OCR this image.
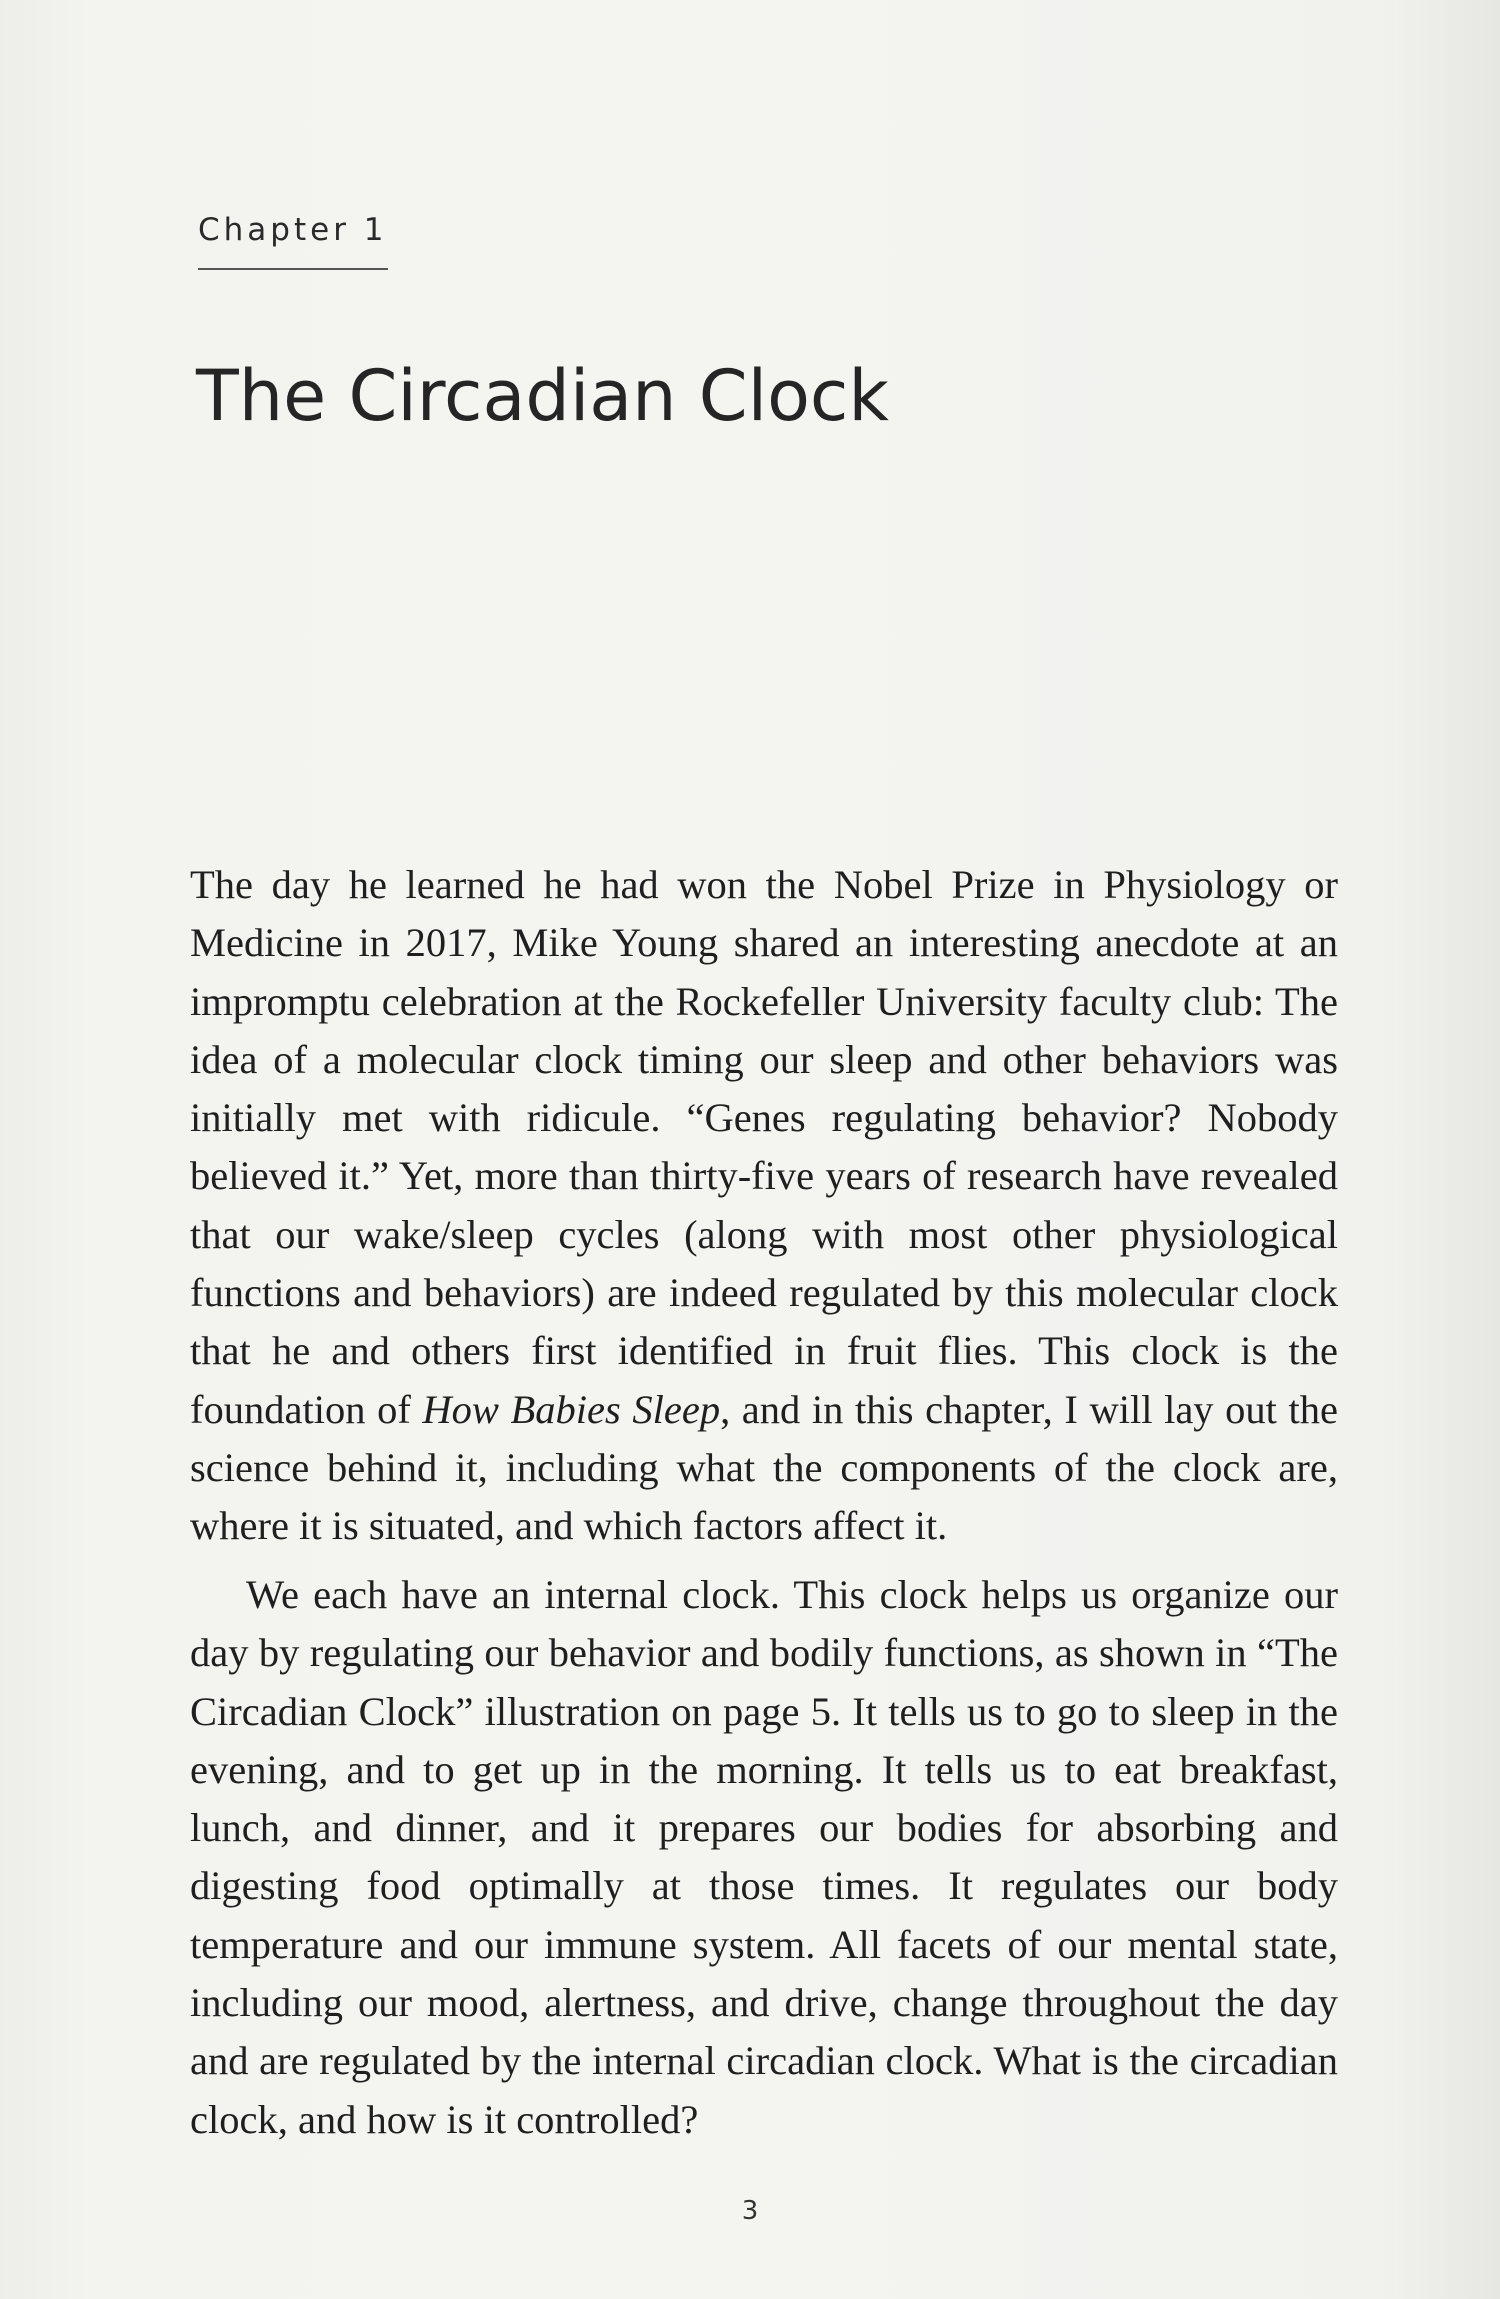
Chapter 1
The Circadian Clock

The day he learned he had won the Nobel Prize in Physiology or Medicine in 2017, Mike Young shared an interesting anecdote at an impromptu celebration at the Rockefeller University faculty club: The idea of a molecular clock timing our sleep and other behaviors was initially met with ridicule. “Genes regulating behavior? Nobody believed it.” Yet, more than thirty-five years of research have revealed that our wake/sleep cycles (along with most other physiological functions and behaviors) are indeed regulated by this molecular clock that he and others first identified in fruit flies. This clock is the foundation of How Babies Sleep, and in this chapter, I will lay out the science behind it, including what the components of the clock are, where it is situated, and which factors affect it.

We each have an internal clock. This clock helps us organize our day by regulating our behavior and bodily functions, as shown in “The Circadian Clock” illustration on page 5. It tells us to go to sleep in the evening, and to get up in the morning. It tells us to eat breakfast, lunch, and dinner, and it prepares our bodies for absorbing and digesting food optimally at those times. It regulates our body temperature and our immune system. All facets of our mental state, including our mood, alertness, and drive, change throughout the day and are regulated by the internal circadian clock. What is the circadian clock, and how is it controlled?

3
